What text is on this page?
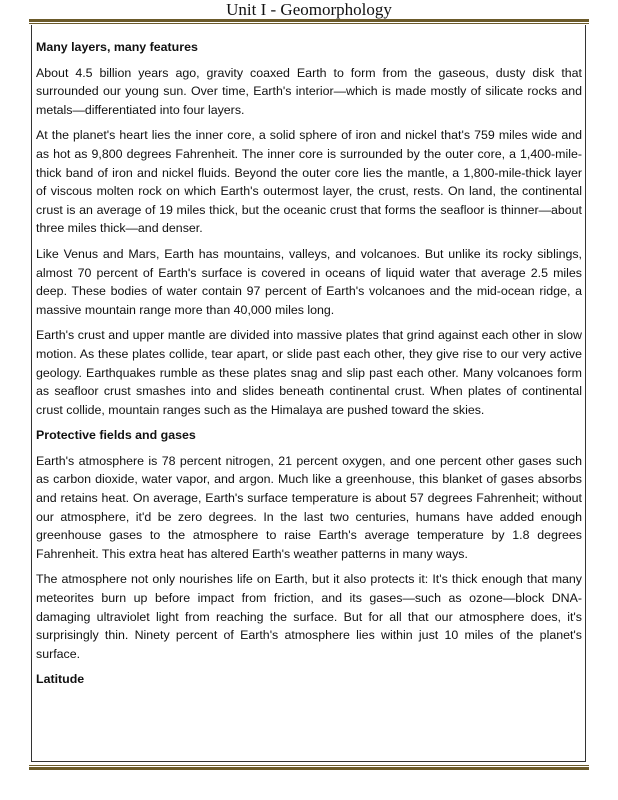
Unit I - Geomorphology
Many layers, many features

About 4.5 billion years ago, gravity coaxed Earth to form from the gaseous, dusty disk that surrounded our young sun. Over time, Earth's interior—which is made mostly of silicate rocks and metals—differentiated into four layers.

At the planet's heart lies the inner core, a solid sphere of iron and nickel that's 759 miles wide and as hot as 9,800 degrees Fahrenheit. The inner core is surrounded by the outer core, a 1,400-mile-thick band of iron and nickel fluids. Beyond the outer core lies the mantle, a 1,800-mile-thick layer of viscous molten rock on which Earth's outermost layer, the crust, rests. On land, the continental crust is an average of 19 miles thick, but the oceanic crust that forms the seafloor is thinner—about three miles thick—and denser.

Like Venus and Mars, Earth has mountains, valleys, and volcanoes. But unlike its rocky siblings, almost 70 percent of Earth's surface is covered in oceans of liquid water that average 2.5 miles deep. These bodies of water contain 97 percent of Earth's volcanoes and the mid-ocean ridge, a massive mountain range more than 40,000 miles long.

Earth's crust and upper mantle are divided into massive plates that grind against each other in slow motion. As these plates collide, tear apart, or slide past each other, they give rise to our very active geology. Earthquakes rumble as these plates snag and slip past each other. Many volcanoes form as seafloor crust smashes into and slides beneath continental crust. When plates of continental crust collide, mountain ranges such as the Himalaya are pushed toward the skies.

Protective fields and gases

Earth's atmosphere is 78 percent nitrogen, 21 percent oxygen, and one percent other gases such as carbon dioxide, water vapor, and argon. Much like a greenhouse, this blanket of gases absorbs and retains heat. On average, Earth's surface temperature is about 57 degrees Fahrenheit; without our atmosphere, it'd be zero degrees. In the last two centuries, humans have added enough greenhouse gases to the atmosphere to raise Earth's average temperature by 1.8 degrees Fahrenheit. This extra heat has altered Earth's weather patterns in many ways.

The atmosphere not only nourishes life on Earth, but it also protects it: It's thick enough that many meteorites burn up before impact from friction, and its gases—such as ozone—block DNA-damaging ultraviolet light from reaching the surface. But for all that our atmosphere does, it's surprisingly thin. Ninety percent of Earth's atmosphere lies within just 10 miles of the planet's surface.

Latitude
